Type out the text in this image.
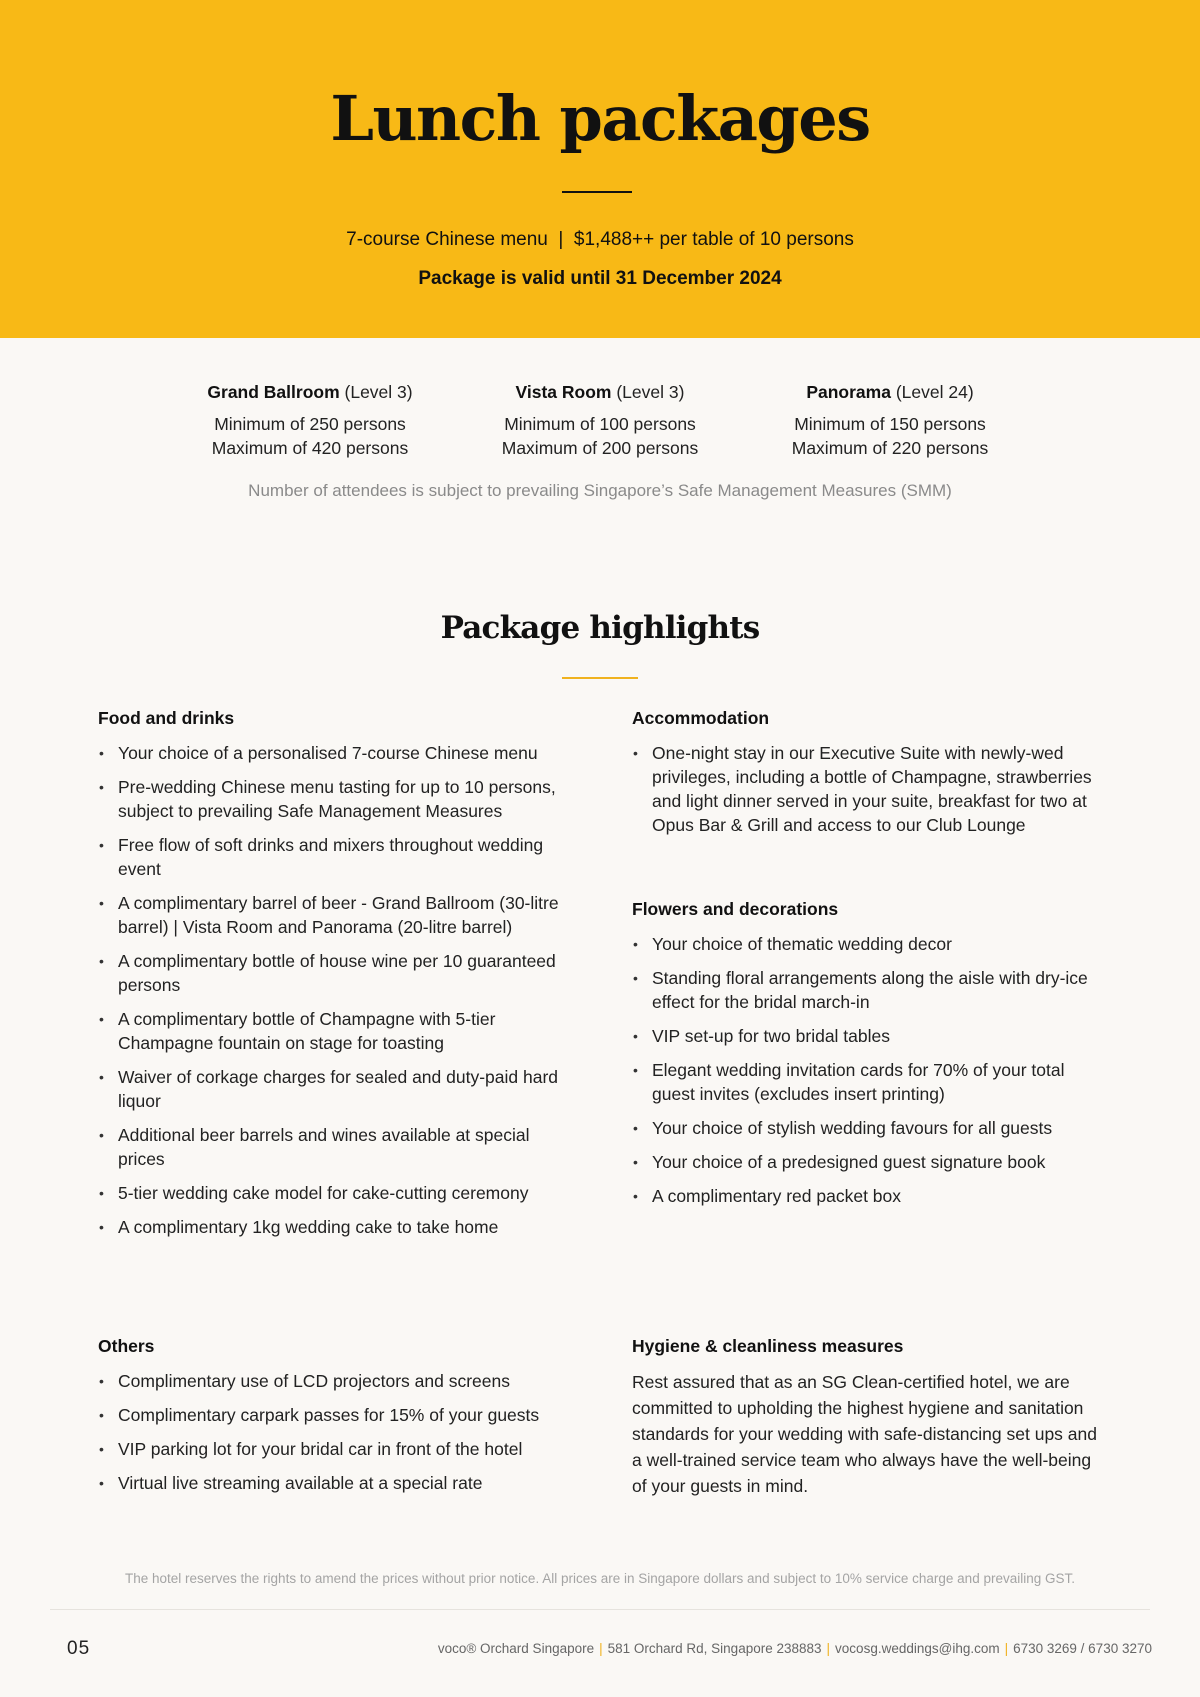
Lunch packages
7-course Chinese menu  |  $1,488++ per table of 10 persons
Package is valid until 31 December 2024
Grand Ballroom (Level 3)
Minimum of 250 persons
Maximum of 420 persons
Vista Room (Level 3)
Minimum of 100 persons
Maximum of 200 persons
Panorama (Level 24)
Minimum of 150 persons
Maximum of 220 persons
Number of attendees is subject to prevailing Singapore’s Safe Management Measures (SMM)
Package highlights
Food and drinks
• Your choice of a personalised 7-course Chinese menu
• Pre-wedding Chinese menu tasting for up to 10 persons, subject to prevailing Safe Management Measures
• Free flow of soft drinks and mixers throughout wedding event
• A complimentary barrel of beer - Grand Ballroom (30-litre barrel) | Vista Room and Panorama (20-litre barrel)
• A complimentary bottle of house wine per 10 guaranteed persons
• A complimentary bottle of Champagne with 5-tier Champagne fountain on stage for toasting
• Waiver of corkage charges for sealed and duty-paid hard liquor
• Additional beer barrels and wines available at special prices
• 5-tier wedding cake model for cake-cutting ceremony
• A complimentary 1kg wedding cake to take home
Accommodation
• One-night stay in our Executive Suite with newly-wed privileges, including a bottle of Champagne, strawberries and light dinner served in your suite, breakfast for two at Opus Bar & Grill and access to our Club Lounge
Flowers and decorations
• Your choice of thematic wedding decor
• Standing floral arrangements along the aisle with dry-ice effect for the bridal march-in
• VIP set-up for two bridal tables
• Elegant wedding invitation cards for 70% of your total guest invites (excludes insert printing)
• Your choice of stylish wedding favours for all guests
• Your choice of a predesigned guest signature book
• A complimentary red packet box
Others
• Complimentary use of LCD projectors and screens
• Complimentary carpark passes for 15% of your guests
• VIP parking lot for your bridal car in front of the hotel
• Virtual live streaming available at a special rate
Hygiene & cleanliness measures

Rest assured that as an SG Clean-certified hotel, we are committed to upholding the highest hygiene and sanitation standards for your wedding with safe-distancing set ups and a well-trained service team who always have the well-being of your guests in mind.

The hotel reserves the rights to amend the prices without prior notice. All prices are in Singapore dollars and subject to 10% service charge and prevailing GST.
05	voco® Orchard Singapore | 581 Orchard Rd, Singapore 238883 | vocosg.weddings@ihg.com | 6730 3269 / 6730 3270
